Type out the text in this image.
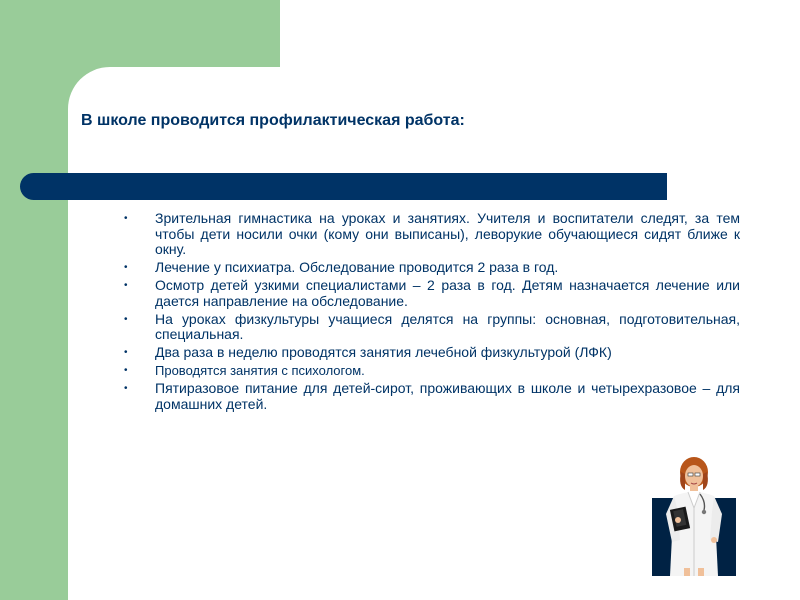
В школе проводится профилактическая работа:
• Зрительная гимнастика на уроках и занятиях. Учителя и воспитатели следят, за тем чтобы дети носили очки (кому они выписаны), леворукие обучающиеся сидят ближе к окну.
• Лечение у психиатра. Обследование проводится 2 раза в год.
• Осмотр детей узкими специалистами – 2 раза в год. Детям назначается лечение или дается направление на обследование.
• На уроках физкультуры учащиеся делятся на группы: основная, подготовительная, специальная.
• Два раза в неделю проводятся занятия лечебной физкультурой (ЛФК)
• Проводятся занятия с психологом.
• Пятиразовое питание для детей-сирот, проживающих в школе и четырехразовое – для домашних детей.
